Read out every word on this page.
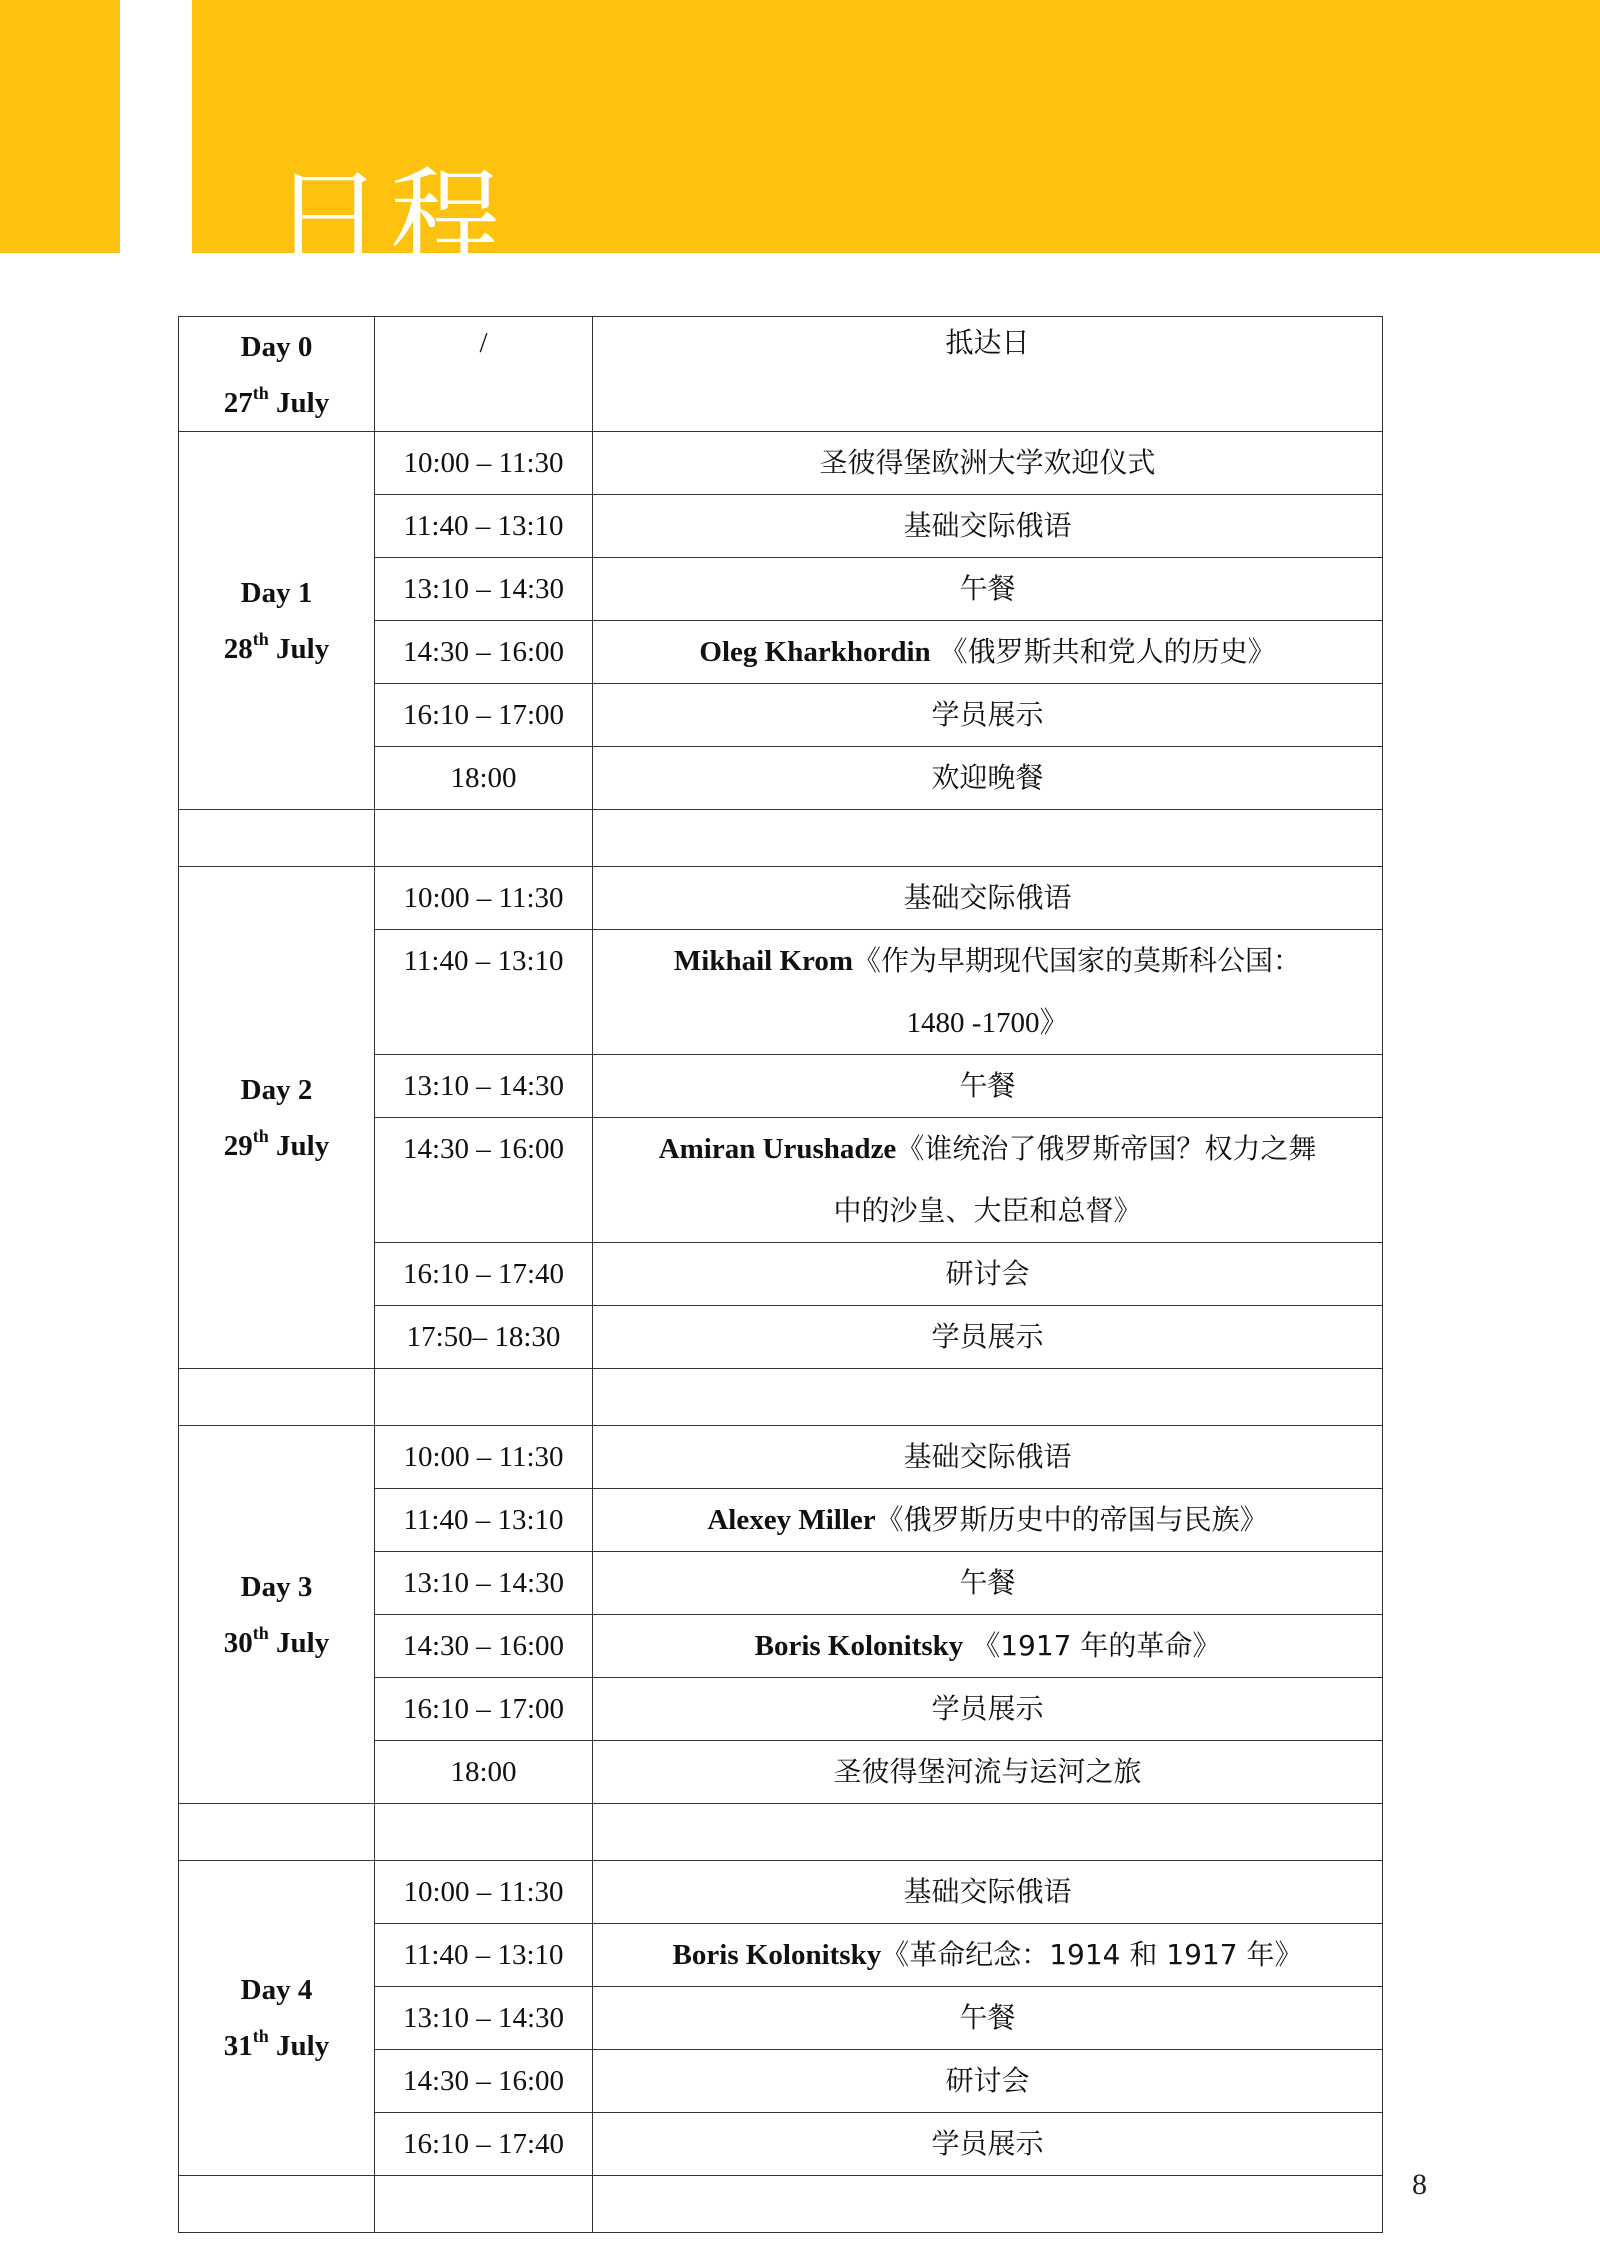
日程
Day 0
27th July	/	抵达日

Day 1
28th July	10:00 – 11:30	圣彼得堡欧洲大学欢迎仪式
	11:40 – 13:10	基础交际俄语
	13:10 – 14:30	午餐
	14:30 – 16:00	Oleg Kharkhordin 《俄罗斯共和党人的历史》
	16:10 – 17:00	学员展示
	18:00	欢迎晚餐

Day 2
29th July	10:00 – 11:30	基础交际俄语
	11:40 – 13:10	Mikhail Krom《作为早期现代国家的莫斯科公国：
1480 -1700》
	13:10 – 14:30	午餐
	14:30 – 16:00	Amiran Urushadze《谁统治了俄罗斯帝国？权力之舞
中的沙皇、大臣和总督》
	16:10 – 17:40	研讨会
	17:50– 18:30	学员展示

Day 3
30th July	10:00 – 11:30	基础交际俄语
	11:40 – 13:10	Alexey Miller《俄罗斯历史中的帝国与民族》
	13:10 – 14:30	午餐
	14:30 – 16:00	Boris Kolonitsky 《1917 年的革命》
	16:10 – 17:00	学员展示
	18:00	圣彼得堡河流与运河之旅

Day 4
31th July	10:00 – 11:30	基础交际俄语
	11:40 – 13:10	Boris Kolonitsky《革命纪念：1914 和 1917 年》
	13:10 – 14:30	午餐
	14:30 – 16:00	研讨会
	16:10 – 17:40	学员展示

8
